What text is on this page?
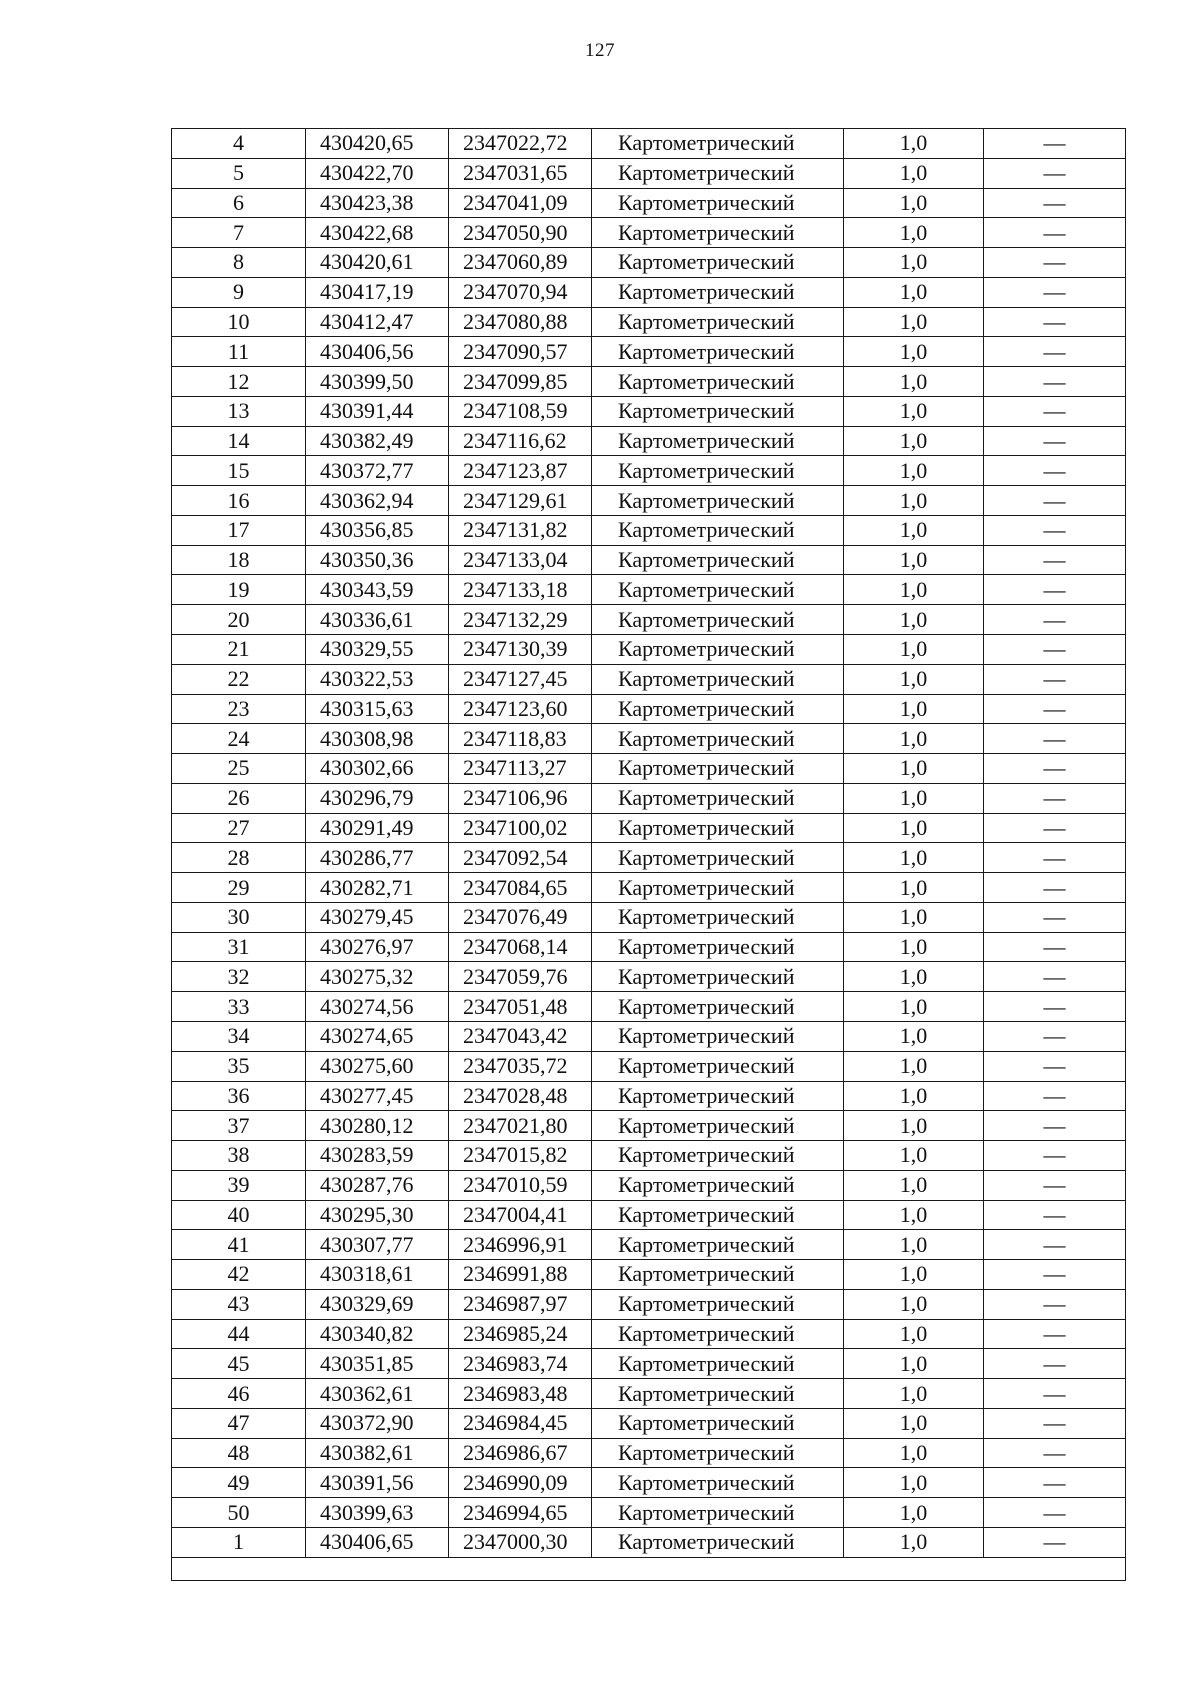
127
4	430420,65	2347022,72	Картометрический	1,0	—
5	430422,70	2347031,65	Картометрический	1,0	—
6	430423,38	2347041,09	Картометрический	1,0	—
7	430422,68	2347050,90	Картометрический	1,0	—
8	430420,61	2347060,89	Картометрический	1,0	—
9	430417,19	2347070,94	Картометрический	1,0	—
10	430412,47	2347080,88	Картометрический	1,0	—
11	430406,56	2347090,57	Картометрический	1,0	—
12	430399,50	2347099,85	Картометрический	1,0	—
13	430391,44	2347108,59	Картометрический	1,0	—
14	430382,49	2347116,62	Картометрический	1,0	—
15	430372,77	2347123,87	Картометрический	1,0	—
16	430362,94	2347129,61	Картометрический	1,0	—
17	430356,85	2347131,82	Картометрический	1,0	—
18	430350,36	2347133,04	Картометрический	1,0	—
19	430343,59	2347133,18	Картометрический	1,0	—
20	430336,61	2347132,29	Картометрический	1,0	—
21	430329,55	2347130,39	Картометрический	1,0	—
22	430322,53	2347127,45	Картометрический	1,0	—
23	430315,63	2347123,60	Картометрический	1,0	—
24	430308,98	2347118,83	Картометрический	1,0	—
25	430302,66	2347113,27	Картометрический	1,0	—
26	430296,79	2347106,96	Картометрический	1,0	—
27	430291,49	2347100,02	Картометрический	1,0	—
28	430286,77	2347092,54	Картометрический	1,0	—
29	430282,71	2347084,65	Картометрический	1,0	—
30	430279,45	2347076,49	Картометрический	1,0	—
31	430276,97	2347068,14	Картометрический	1,0	—
32	430275,32	2347059,76	Картометрический	1,0	—
33	430274,56	2347051,48	Картометрический	1,0	—
34	430274,65	2347043,42	Картометрический	1,0	—
35	430275,60	2347035,72	Картометрический	1,0	—
36	430277,45	2347028,48	Картометрический	1,0	—
37	430280,12	2347021,80	Картометрический	1,0	—
38	430283,59	2347015,82	Картометрический	1,0	—
39	430287,76	2347010,59	Картометрический	1,0	—
40	430295,30	2347004,41	Картометрический	1,0	—
41	430307,77	2346996,91	Картометрический	1,0	—
42	430318,61	2346991,88	Картометрический	1,0	—
43	430329,69	2346987,97	Картометрический	1,0	—
44	430340,82	2346985,24	Картометрический	1,0	—
45	430351,85	2346983,74	Картометрический	1,0	—
46	430362,61	2346983,48	Картометрический	1,0	—
47	430372,90	2346984,45	Картометрический	1,0	—
48	430382,61	2346986,67	Картометрический	1,0	—
49	430391,56	2346990,09	Картометрический	1,0	—
50	430399,63	2346994,65	Картометрический	1,0	—
1	430406,65	2347000,30	Картометрический	1,0	—
